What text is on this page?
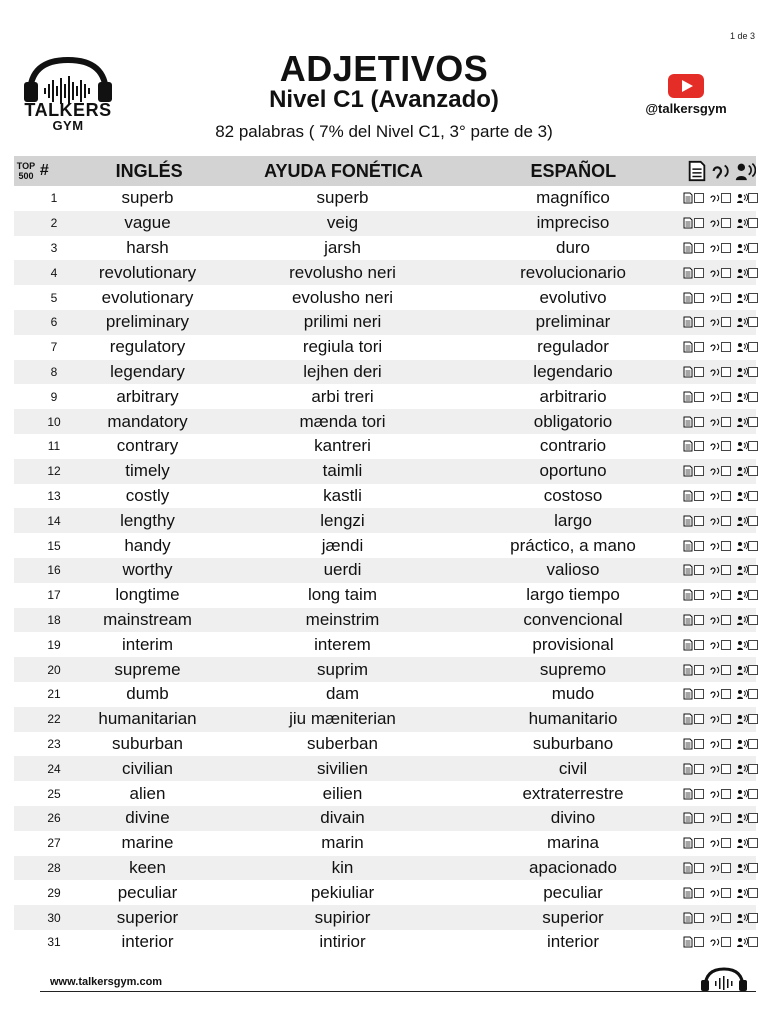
1 de 3
TALKERS
GYM
ADJETIVOS
Nivel C1 (Avanzado)
82 palabras ( 7% del Nivel C1, 3° parte de 3)
@talkersgym
TOP
500 #	INGLÉS	AYUDA FONÉTICA	ESPAÑOL
1	superb	superb	magnífico
2	vague	veig	impreciso
3	harsh	jarsh	duro
4	revolutionary	revolusho neri	revolucionario
5	evolutionary	evolusho neri	evolutivo
6	preliminary	prilimi neri	preliminar
7	regulatory	regiula tori	regulador
8	legendary	lejhen deri	legendario
9	arbitrary	arbi treri	arbitrario
10	mandatory	mænda tori	obligatorio
11	contrary	kantreri	contrario
12	timely	taimli	oportuno
13	costly	kastli	costoso
14	lengthy	lengzi	largo
15	handy	jændi	práctico, a mano
16	worthy	uerdi	valioso
17	longtime	long taim	largo tiempo
18	mainstream	meinstrim	convencional
19	interim	interem	provisional
20	supreme	suprim	supremo
21	dumb	dam	mudo
22	humanitarian	jiu mæniterian	humanitario
23	suburban	suberban	suburbano
24	civilian	sivilien	civil
25	alien	eilien	extraterrestre
26	divine	divain	divino
27	marine	marin	marina
28	keen	kin	apacionado
29	peculiar	pekiuliar	peculiar
30	superior	supirior	superior
31	interior	intirior	interior
www.talkersgym.com
